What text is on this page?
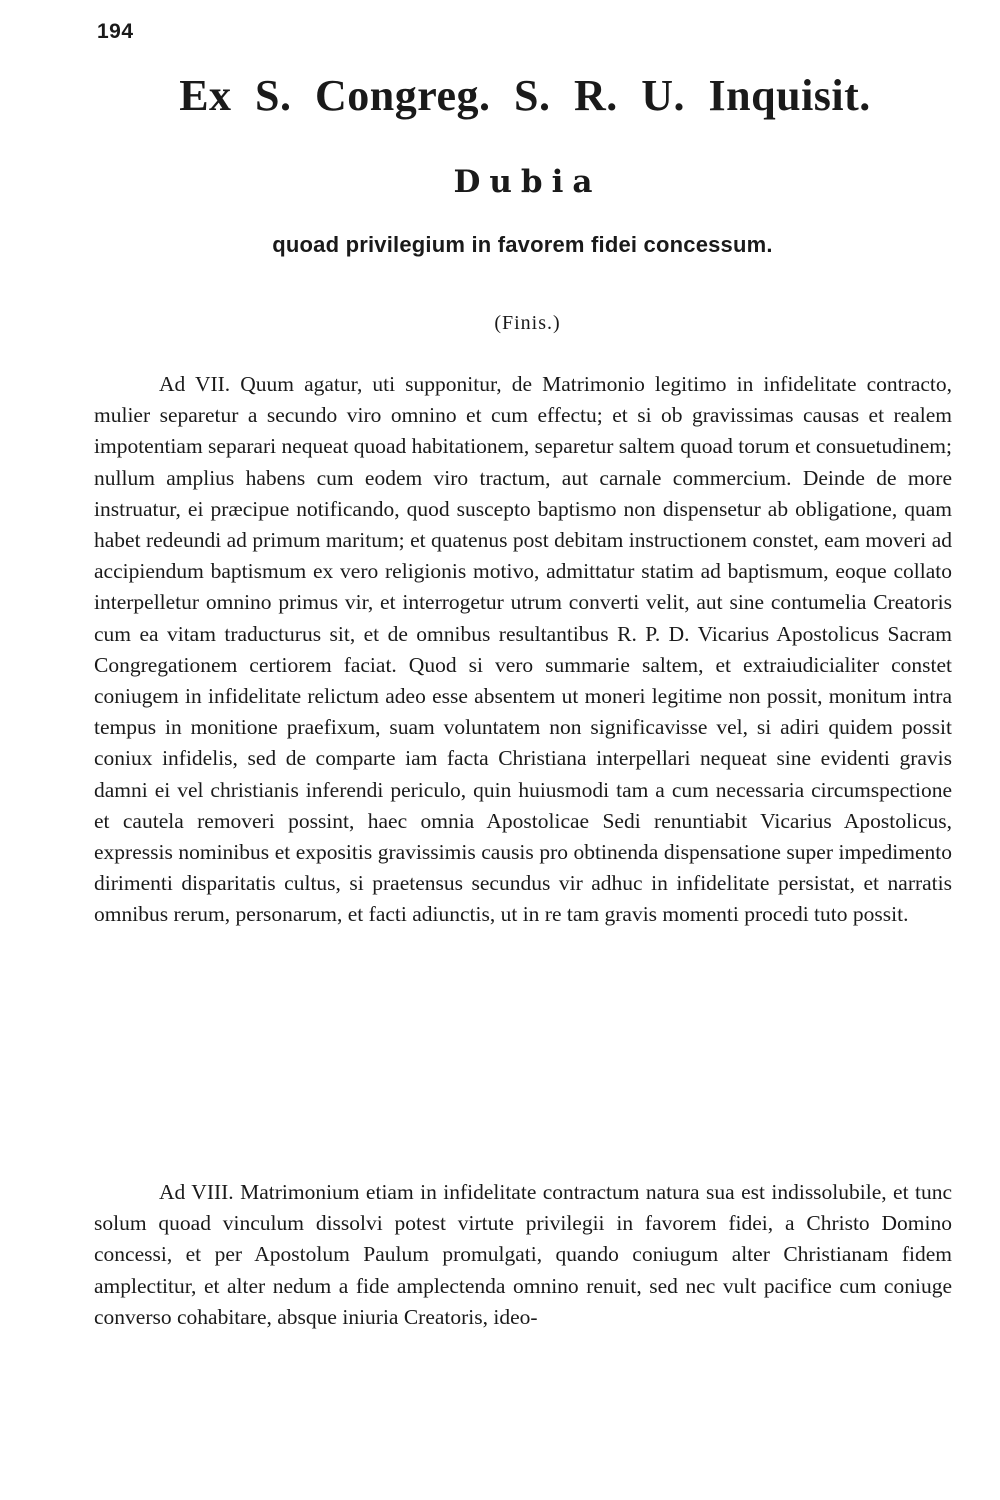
194
Ex S. Congreg. S. R. U. Inquisit.
Dubia
quoad privilegium in favorem fidei concessum.
(Finis.)

Ad VII. Quum agatur, uti supponitur, de Matrimonio legitimo in infidelitate contracto, mulier separetur a secundo viro omnino et cum effectu; et si ob gravissimas causas et realem impotentiam separari nequeat quoad habitationem, separetur saltem quoad torum et consuetudinem; nullum amplius habens cum eodem viro tractum, aut carnale commercium. Deinde de more instruatur, ei præcipue notificando, quod suscepto baptismo non dispensetur ab obligatione, quam habet redeundi ad primum maritum; et quatenus post debitam instructionem constet, eam moveri ad accipiendum baptismum ex vero religionis motivo, admittatur statim ad baptismum, eoque collato interpelletur omnino primus vir, et interrogetur utrum converti velit, aut sine contumelia Creatoris cum ea vitam traducturus sit, et de omnibus resultantibus R. P. D. Vicarius Apostolicus Sacram Congregationem certiorem faciat. Quod si vero summarie saltem, et extraiudicialiter constet coniugem in infidelitate relictum adeo esse absentem ut moneri legitime non possit, monitum intra tempus in monitione praefixum, suam voluntatem non significavisse vel, si adiri quidem possit coniux infidelis, sed de comparte iam facta Christiana interpellari nequeat sine evidenti gravis damni ei vel christianis inferendi periculo, quin huiusmodi tam a cum necessaria circumspectione et cautela removeri possint, haec omnia Apostolicae Sedi renuntiabit Vicarius Apostolicus, expressis nominibus et expositis gravissimis causis pro obtinenda dispensatione super impedimento dirimenti disparitatis cultus, si praetensus secundus vir adhuc in infidelitate persistat, et narratis omnibus rerum, personarum, et facti adiunctis, ut in re tam gravis momenti procedi tuto possit.

Ad VIII. Matrimonium etiam in infidelitate contractum natura sua est indissolubile, et tunc solum quoad vinculum dissolvi potest virtute privilegii in favorem fidei, a Christo Domino concessi, et per Apostolum Paulum promulgati, quando coniugum alter Christianam fidem amplectitur, et alter nedum a fide amplectenda omnino renuit, sed nec vult pacifice cum coniuge converso cohabitare, absque iniuria Creatoris, ideo-
